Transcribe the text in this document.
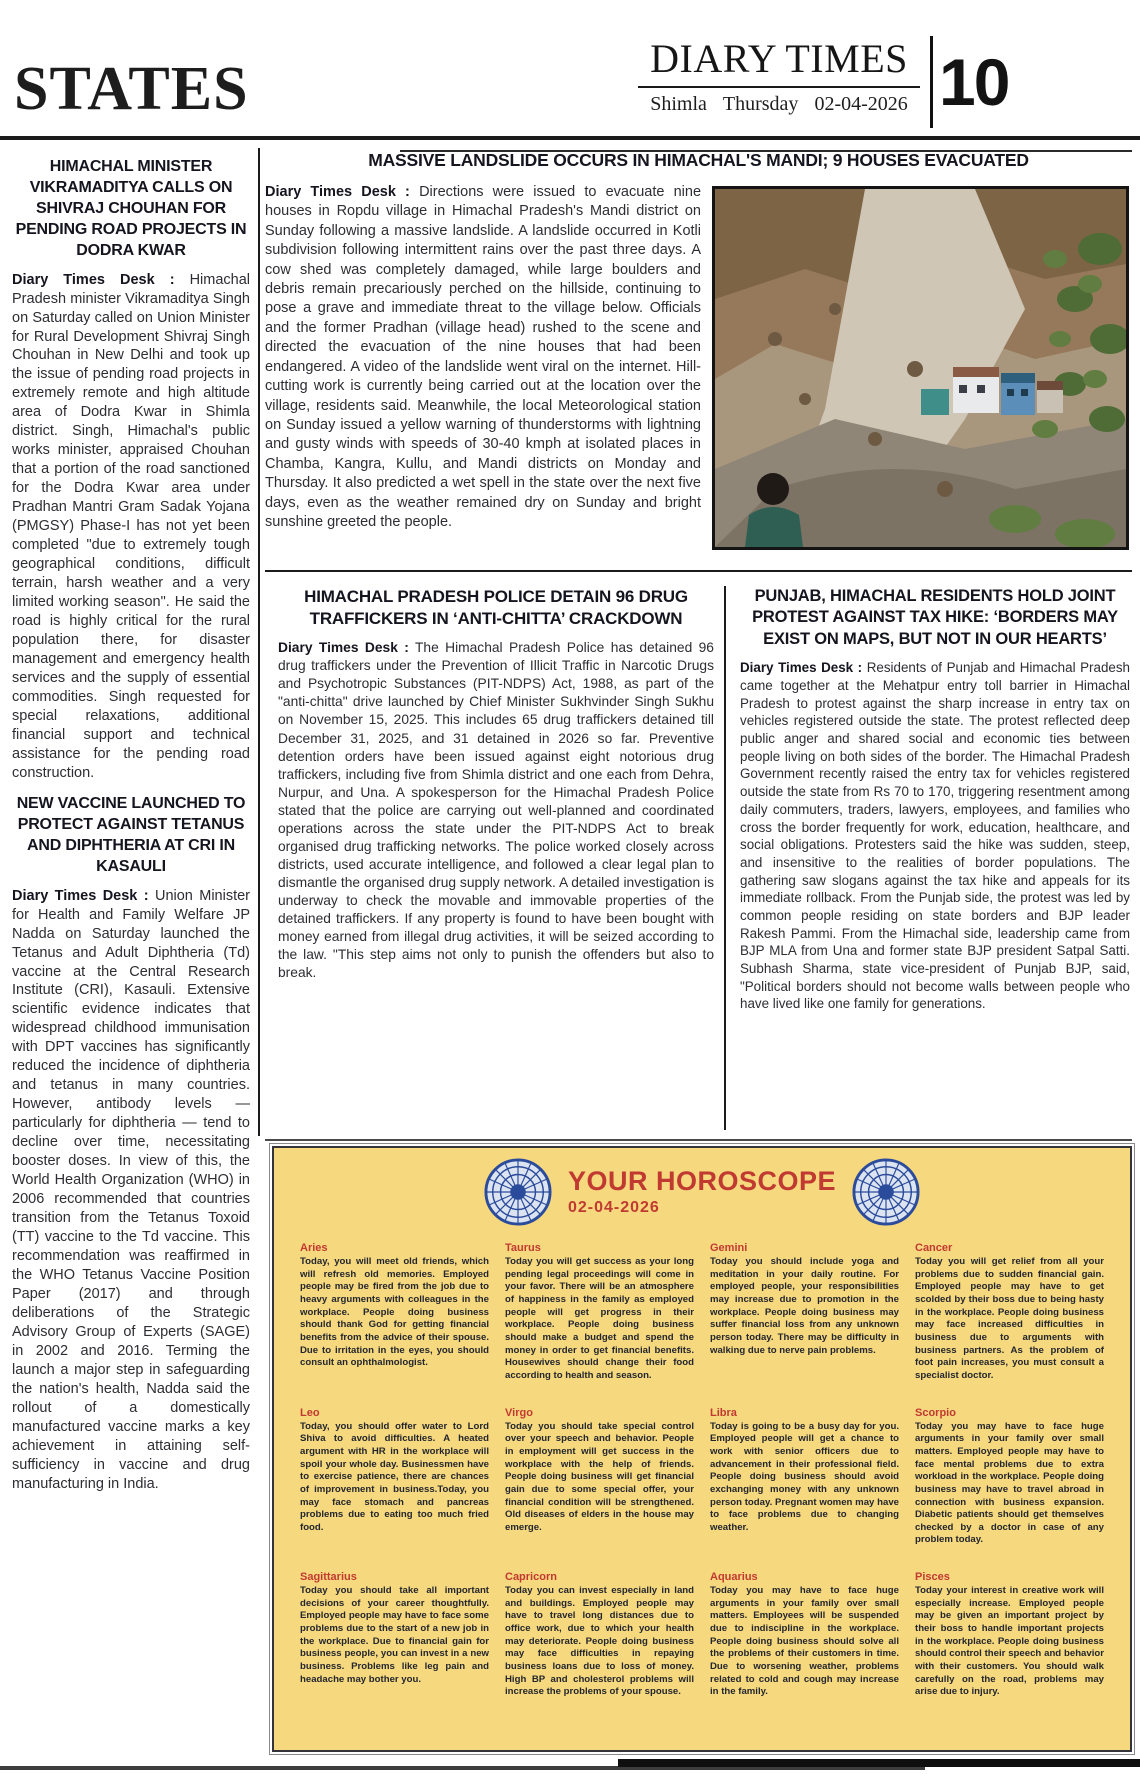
STATES	DIARY TIMES
Shimla Thursday 02-04-2026 10
HIMACHAL MINISTER VIKRAMADITYA CALLS ON SHIVRAJ CHOUHAN FOR PENDING ROAD PROJECTS IN DODRA KWAR

Diary Times Desk : Himachal Pradesh minister Vikramaditya Singh on Saturday called on Union Minister for Rural Development Shivraj Singh Chouhan in New Delhi and took up the issue of pending road projects in extremely remote and high altitude area of Dodra Kwar in Shimla district. Singh, Himachal's public works minister, appraised Chouhan that a portion of the road sanctioned for the Dodra Kwar area under Pradhan Mantri Gram Sadak Yojana (PMGSY) Phase-I has not yet been completed "due to extremely tough geographical conditions, difficult terrain, harsh weather and a very limited working season". He said the road is highly critical for the rural population there, for disaster management and emergency health services and the supply of essential commodities. Singh requested for special relaxations, additional financial support and technical assistance for the pending road construction.

NEW VACCINE LAUNCHED TO PROTECT AGAINST TETANUS AND DIPHTHERIA AT CRI IN KASAULI

Diary Times Desk : Union Minister for Health and Family Welfare JP Nadda on Saturday launched the Tetanus and Adult Diphtheria (Td) vaccine at the Central Research Institute (CRI), Kasauli. Extensive scientific evidence indicates that widespread childhood immunisation with DPT vaccines has significantly reduced the incidence of diphtheria and tetanus in many countries. However, antibody levels — particularly for diphtheria — tend to decline over time, necessitating booster doses. In view of this, the World Health Organization (WHO) in 2006 recommended that countries transition from the Tetanus Toxoid (TT) vaccine to the Td vaccine. This recommendation was reaffirmed in the WHO Tetanus Vaccine Position Paper (2017) and through deliberations of the Strategic Advisory Group of Experts (SAGE) in 2002 and 2016. Terming the launch a major step in safeguarding the nation's health, Nadda said the rollout of a domestically manufactured vaccine marks a key achievement in attaining self-sufficiency in vaccine and drug manufacturing in India.

MASSIVE LANDSLIDE OCCURS IN HIMACHAL'S MANDI; 9 HOUSES EVACUATED

Diary Times Desk : Directions were issued to evacuate nine houses in Ropdu village in Himachal Pradesh's Mandi district on Sunday following a massive landslide. A landslide occurred in Kotli subdivision following intermittent rains over the past three days. A cow shed was completely damaged, while large boulders and debris remain precariously perched on the hillside, continuing to pose a grave and immediate threat to the village below. Officials and the former Pradhan (village head) rushed to the scene and directed the evacuation of the nine houses that had been endangered. A video of the landslide went viral on the internet. Hill-cutting work is currently being carried out at the location over the village, residents said. Meanwhile, the local Meteorological station on Sunday issued a yellow warning of thunderstorms with lightning and gusty winds with speeds of 30-40 kmph at isolated places in Chamba, Kangra, Kullu, and Mandi districts on Monday and Thursday. It also predicted a wet spell in the state over the next five days, even as the weather remained dry on Sunday and bright sunshine greeted the people.

HIMACHAL PRADESH POLICE DETAIN 96 DRUG TRAFFICKERS IN ‘ANTI-CHITTA’ CRACKDOWN

Diary Times Desk : The Himachal Pradesh Police has detained 96 drug traffickers under the Prevention of Illicit Traffic in Narcotic Drugs and Psychotropic Substances (PIT-NDPS) Act, 1988, as part of the "anti-chitta" drive launched by Chief Minister Sukhvinder Singh Sukhu on November 15, 2025. This includes 65 drug traffickers detained till December 31, 2025, and 31 detained in 2026 so far. Preventive detention orders have been issued against eight notorious drug traffickers, including five from Shimla district and one each from Dehra, Nurpur, and Una. A spokesperson for the Himachal Pradesh Police stated that the police are carrying out well-planned and coordinated operations across the state under the PIT-NDPS Act to break organised drug trafficking networks. The police worked closely across districts, used accurate intelligence, and followed a clear legal plan to dismantle the organised drug supply network. A detailed investigation is underway to check the movable and immovable properties of the detained traffickers. If any property is found to have been bought with money earned from illegal drug activities, it will be seized according to the law. "This step aims not only to punish the offenders but also to break.

PUNJAB, HIMACHAL RESIDENTS HOLD JOINT PROTEST AGAINST TAX HIKE: ‘BORDERS MAY EXIST ON MAPS, BUT NOT IN OUR HEARTS’

Diary Times Desk : Residents of Punjab and Himachal Pradesh came together at the Mehatpur entry toll barrier in Himachal Pradesh to protest against the sharp increase in entry tax on vehicles registered outside the state. The protest reflected deep public anger and shared social and economic ties between people living on both sides of the border. The Himachal Pradesh Government recently raised the entry tax for vehicles registered outside the state from Rs 70 to 170, triggering resentment among daily commuters, traders, lawyers, employees, and families who cross the border frequently for work, education, healthcare, and social obligations. Protesters said the hike was sudden, steep, and insensitive to the realities of border populations. The gathering saw slogans against the tax hike and appeals for its immediate rollback. From the Punjab side, the protest was led by common people residing on state borders and BJP leader Rakesh Pammi. From the Himachal side, leadership came from BJP MLA from Una and former state BJP president Satpal Satti. Subhash Sharma, state vice-president of Punjab BJP, said, "Political borders should not become walls between people who have lived like one family for generations.

YOUR HOROSCOPE
02-04-2026

Aries

Today, you will meet old friends, which will refresh old memories. Employed people may be fired from the job due to heavy arguments with colleagues in the workplace. People doing business should thank God for getting financial benefits from the advice of their spouse. Due to irritation in the eyes, you should consult an ophthalmologist.

Taurus

Today you will get success as your long pending legal proceedings will come in your favor. There will be an atmosphere of happiness in the family as employed people will get progress in their workplace. People doing business should make a budget and spend the money in order to get financial benefits. Housewives should change their food according to health and season.

Gemini

Today you should include yoga and meditation in your daily routine. For employed people, your responsibilities may increase due to promotion in the workplace. People doing business may suffer financial loss from any unknown person today. There may be difficulty in walking due to nerve pain problems.

Cancer

Today you will get relief from all your problems due to sudden financial gain. Employed people may have to get scolded by their boss due to being hasty in the workplace. People doing business may face increased difficulties in business due to arguments with business partners. As the problem of foot pain increases, you must consult a specialist doctor.

Leo

Today, you should offer water to Lord Shiva to avoid difficulties. A heated argument with HR in the workplace will spoil your whole day. Businessmen have to exercise patience, there are chances of improvement in business.Today, you may face stomach and pancreas problems due to eating too much fried food.

Virgo

Today you should take special control over your speech and behavior. People in employment will get success in the workplace with the help of friends. People doing business will get financial gain due to some special offer, your financial condition will be strengthened. Old diseases of elders in the house may emerge.

Libra

Today is going to be a busy day for you. Employed people will get a chance to work with senior officers due to advancement in their professional field. People doing business should avoid exchanging money with any unknown person today. Pregnant women may have to face problems due to changing weather.

Scorpio

Today you may have to face huge arguments in your family over small matters. Employed people may have to face mental problems due to extra workload in the workplace. People doing business may have to travel abroad in connection with business expansion. Diabetic patients should get themselves checked by a doctor in case of any problem today.

Sagittarius

Today you should take all important decisions of your career thoughtfully. Employed people may have to face some problems due to the start of a new job in the workplace. Due to financial gain for business people, you can invest in a new business. Problems like leg pain and headache may bother you.

Capricorn

Today you can invest especially in land and buildings. Employed people may have to travel long distances due to office work, due to which your health may deteriorate. People doing business may face difficulties in repaying business loans due to loss of money. High BP and cholesterol problems will increase the problems of your spouse.

Aquarius

Today you may have to face huge arguments in your family over small matters. Employees will be suspended due to indiscipline in the workplace. People doing business should solve all the problems of their customers in time. Due to worsening weather, problems related to cold and cough may increase in the family.

Pisces

Today your interest in creative work will especially increase. Employed people may be given an important project by their boss to handle important projects in the workplace. People doing business should control their speech and behavior with their customers. You should walk carefully on the road, problems may arise due to injury.
